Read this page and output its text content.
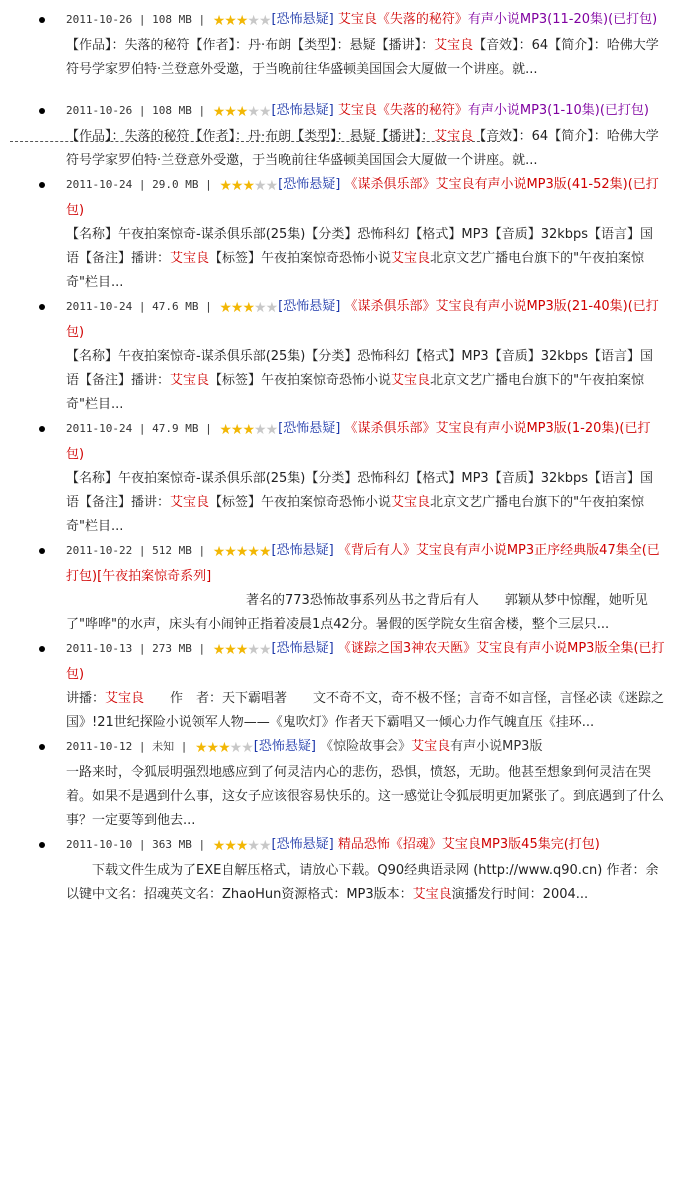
2011-10-26 | 108 MB | ★★★★★[恐怖悬疑] 艾宝良《失落的秘符》有声小说MP3(11-20集)(已打包)
【作品】：失落的秘符【作者】：丹·布朗【类型】：悬疑【播讲】：艾宝良【音效】：64【简介】：哈佛大学符号学家罗伯特·兰登意外受邀，于当晚前往华盛顿美国国会大厦做一个讲座。就...
2011-10-26 | 108 MB | ★★★★★[恐怖悬疑] 艾宝良《失落的秘符》有声小说MP3(1-10集)(已打包)
【作品】：失落的秘符【作者】：丹·布朗【类型】：悬疑【播讲】：艾宝良【音效】：64【简介】：哈佛大学符号学家罗伯特·兰登意外受邀，于当晚前往华盛顿美国国会大厦做一个讲座。就...
2011-10-24 | 29.0 MB | ★★★★★[恐怖悬疑] 《谋杀俱乐部》艾宝良有声小说MP3版(41-52集)(已打包)
【名称】午夜拍案惊奇-谋杀俱乐部(25集)【分类】恐怖科幻【格式】MP3【音质】32kbps【语言】国语【备注】播讲：艾宝良【标签】午夜拍案惊奇恐怖小说艾宝良北京文艺广播电台旗下的"午夜拍案惊奇"栏目...
2011-10-24 | 47.6 MB | ★★★★★[恐怖悬疑] 《谋杀俱乐部》艾宝良有声小说MP3版(21-40集)(已打包)
【名称】午夜拍案惊奇-谋杀俱乐部(25集)【分类】恐怖科幻【格式】MP3【音质】32kbps【语言】国语【备注】播讲：艾宝良【标签】午夜拍案惊奇恐怖小说艾宝良北京文艺广播电台旗下的"午夜拍案惊奇"栏目...
2011-10-24 | 47.9 MB | ★★★★★[恐怖悬疑] 《谋杀俱乐部》艾宝良有声小说MP3版(1-20集)(已打包)
【名称】午夜拍案惊奇-谋杀俱乐部(25集)【分类】恐怖科幻【格式】MP3【音质】32kbps【语言】国语【备注】播讲：艾宝良【标签】午夜拍案惊奇恐怖小说艾宝良北京文艺广播电台旗下的"午夜拍案惊奇"栏目...
2011-10-22 | 512 MB | ★★★★★[恐怖悬疑] 《背后有人》艾宝良有声小说MP3正序经典版47集全(已打包)[午夜拍案惊奇系列]
著名的773恐怖故事系列丛书之背后有人　　郭颖从梦中惊醒，她听见了"哗哗"的水声，床头有小闹钟正指着凌晨1点42分。暑假的医学院女生宿舍楼，整个三层只...
2011-10-13 | 273 MB | ★★★★★[恐怖悬疑] 《谜踪之国3神农天匦》艾宝良有声小说MP3版全集(已打包)
讲播：艾宝良　　作　者：天下霸唱著　　文不奇不文，奇不极不怪；言奇不如言怪，言怪必读《迷踪之国》!21世纪探险小说领军人物——《鬼吹灯》作者天下霸唱又一倾心力作气魄直压《挂环...
2011-10-12 | 未知 | ★★★★★[恐怖悬疑] 《惊险故事会》艾宝良有声小说MP3版
一路来时，令狐辰明强烈地感应到了何灵洁内心的悲伤，恐惧，愤怒，无助。他甚至想象到何灵洁在哭着。如果不是遇到什么事，这女子应该很容易快乐的。这一感觉让令狐辰明更加紧张了。到底遇到了什么事？一定要等到他去...
2011-10-10 | 363 MB | ★★★★★[恐怖悬疑] 精品恐怖《招魂》艾宝良MP3版45集完(打包)
下载文件生成为了EXE自解压格式，请放心下载。Q90经典语录网 (http://www.q90.cn) 作者：余以键中文名：招魂英文名：ZhaoHun资源格式：MP3版本：艾宝良演播发行时间：2004...
